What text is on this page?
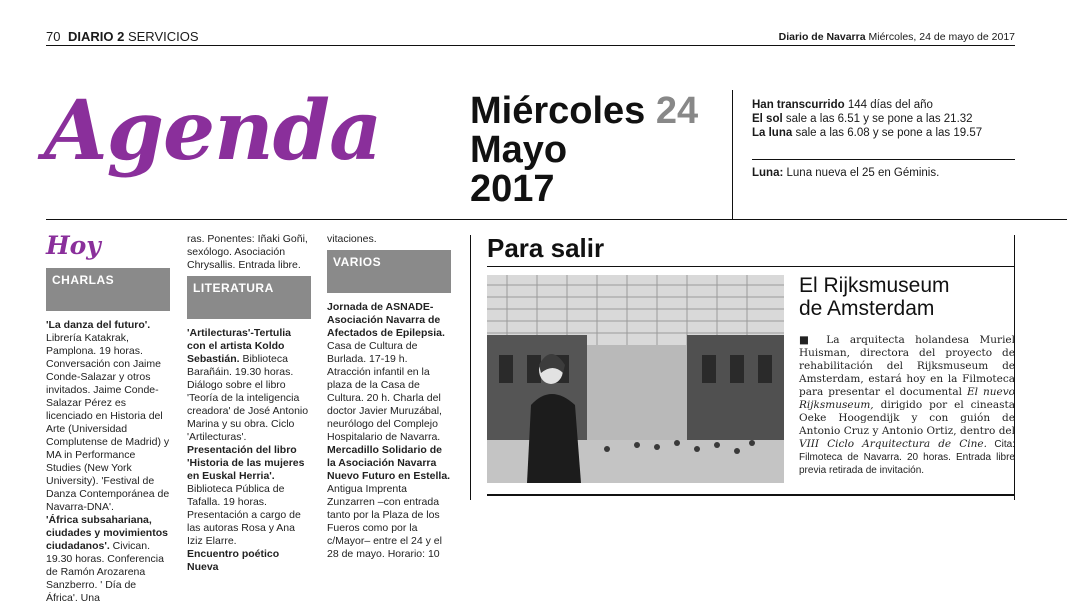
70 DIARIO 2 SERVICIOS	Diario de Navarra Miércoles, 24 de mayo de 2017
Agenda Miércoles 24
Mayo
2017
Han transcurrido 144 días del año
El sol sale a las 6.51 y se pone a las 21.32
La luna sale a las 6.08 y se pone a las 19.57
Luna: Luna nueva el 25 en Géminis.
Hoy
CHARLAS

'La danza del futuro'. Librería Katakrak, Pamplona. 19 horas. Conversación con Jaime Conde-Salazar y otros invitados. Jaime Conde-Salazar Pérez es licenciado en Historia del Arte (Universidad Complutense de Madrid) y MA in Performance Studies (New York University). 'Festival de Danza Contemporánea de Navarra-DNA'.

'África subsahariana, ciudades y movimientos ciudadanos'. Civican. 19.30 horas. Conferencia de Ramón Arozarena Sanzberro. ' Día de África'. Una

ras. Ponentes: Iñaki Goñi, sexólogo. Asociación Chrysallis. Entrada libre.

LITERATURA

'Artilecturas'-Tertulia con el artista Koldo Sebastián. Biblioteca Barañáin. 19.30 horas. Diálogo sobre el libro 'Teoría de la inteligencia creadora' de José Antonio Marina y su obra. Ciclo 'Artilecturas'.

Presentación del libro 'Historia de las mujeres en Euskal Herria'. Biblioteca Pública de Tafalla. 19 horas. Presentación a cargo de las autoras Rosa y Ana Iziz Elarre.

Encuentro poético Nueva

vitaciones.

VARIOS

Jornada de ASNADE-Asociación Navarra de Afectados de Epilepsia. Casa de Cultura de Burlada. 17-19 h. Atracción infantil en la plaza de la Casa de Cultura. 20 h. Charla del doctor Javier Muruzábal, neurólogo del Complejo Hospitalario de Navarra.

Mercadillo Solidario de la Asociación Navarra Nuevo Futuro en Estella. Antigua Imprenta Zunzarren –con entrada tanto por la Plaza de los Fueros como por la c/Mayor– entre el 24 y el 28 de mayo. Horario: 10

Para salir
El Rijksmuseum
de Amsterdam
■ La arquitecta holandesa Muriel Huisman, directora del proyecto de rehabilitación del Rijksmuseum de Amsterdam, estará hoy en la Filmoteca para presentar el documental El nuevo Rijksmuseum, dirigido por el cineasta Oeke Hoogendijk y con guión de Antonio Cruz y Antonio Ortiz, dentro del VIII Ciclo Arquitectura de Cine. Cita: Filmoteca de Navarra. 20 horas. Entrada libre previa retirada de invitación.
